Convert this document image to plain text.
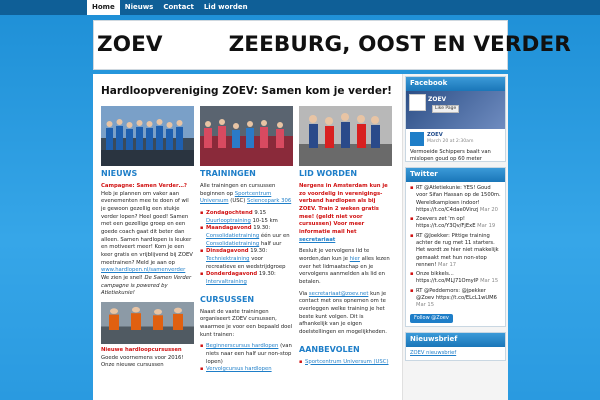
Home	Nieuws	Contact	Lid worden
ZOEV	ZEEBURG, OOST EN VERDER
Hardloopvereniging ZOEV: Samen kom je verder!
NIEUWS

Campagne: Samen Verder…?
Heb je plannen om vaker aan evenementen mee te doen of wil je gewoon gezellig een stukje verder lopen? Heel goed! Samen met een gezellige groep en een goede coach gaat dit beter dan alleen. Samen hardlopen is leuker en motiveert meer! Kom je een keer gratis en vrijblijvend bij ZOEV meetrainen? Meld je aan op www.hardlopen.nl/samenverder We zien je snel! De Samen Verder campagne is powered by Atletiekunie!

Nieuwe hardloopcursussen
Goede voornemens voor 2016! Onze nieuwe cursussen

TRAININGEN

Alle trainingen en cursussen beginnen op Sportcentrum Universum (USC) Sciencepark 306

▪ Zondagochtend 9.15 Duurlooptraining 10-15 km
▪ Maandagavond 19.30: Consolidatietraining één uur en Consolidatietraining half uur
▪ Dinsdagavond 19.30: Techniektraining voor recreatieve en wedstrijdgroep
▪ Donderdagavond 19.30: Intervaltraining
CURSUSSEN

Naast de vaste trainingen organiseert ZOEV cursussen, waarmee je voor een bepaald doel kunt trainen:

▪ Beginnerscursus hardlopen (van niets naar een half uur non-stop lopen)
▪ Vervolgcursus hardlopen
LID WORDEN

Nergens in Amsterdam kun je zo voordelig in verenigings-verband hardlopen als bij ZOEV. Train 2 weken gratis mee! (geldt niet voor cursussen) Voor meer informatie mail het secretariaat

Besluit je vervolgens lid te worden,dan kun je hier alles lezen over het lidmaatschap en je vervolgens aanmelden als lid en betalen.

Via secretariaat@zoev.net kun je contact met ons opnemen om te overleggen welke training je het beste kunt volgen. Dit is afhankelijk van je eigen doelstellingen en mogelijkheden.

AANBEVOLEN
▪ Sportcentrum Universum (USC)
Facebook
ZOEV
Like Page
ZOEV
March 20 at 2:30am
Vermoeide Schippers baalt van mislopen goud op 60 meter
Twitter
▪ RT @Atletiekunie: YES! Goud voor Sifan Hassan op de 1500m. Wereldkampioen indoor! https://t.co/C4dae0Vinzj Mar 20
▪ Zoevers zet 'm op! https://t.co/Y3Qv/FjExE Mar 19
▪ RT @Joekker: Pittige training achter de rug met 11 starters. Het wordt ze hier niet makkelijk gemaakt met hun non-stop rennen! Mar 17
▪ Onze bikkels... https://t.co/MLJ71OmyIP Mar 15
▪ RT @Peddemors: @jpekker @Zoev https://t.co/ELcL1wUM6 Mar 15
Follow @Zoev
Nieuwsbrief
ZOEV nieuwsbrief
